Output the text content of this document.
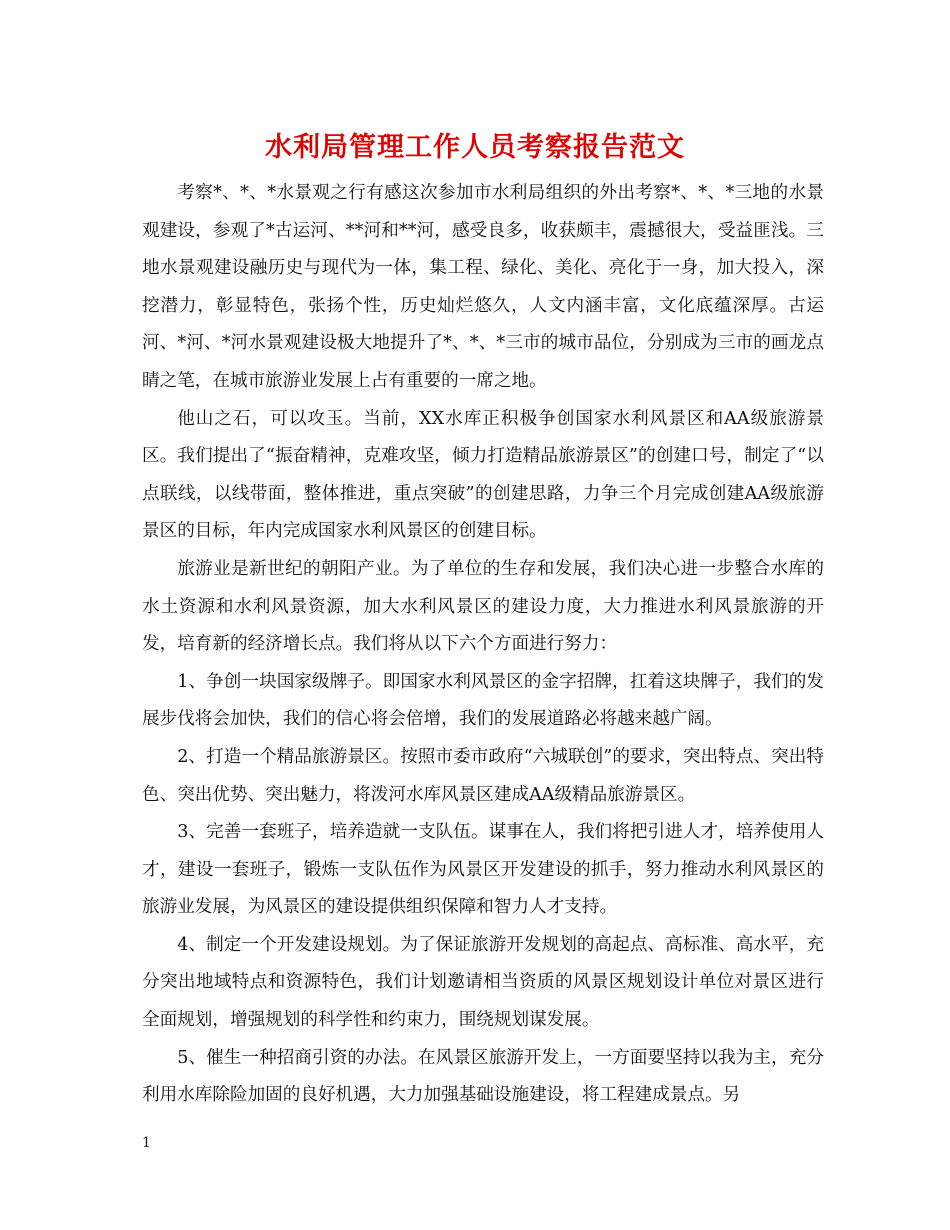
水利局管理工作人员考察报告范文

考察*、*、*水景观之行有感这次参加市水利局组织的外出考察*、*、*三地的水景观建设，参观了*古运河、**河和**河，感受良多，收获颇丰，震撼很大，受益匪浅。三地水景观建设融历史与现代为一体，集工程、绿化、美化、亮化于一身，加大投入，深挖潜力，彰显特色，张扬个性，历史灿烂悠久，人文内涵丰富，文化底蕴深厚。古运河、*河、*河水景观建设极大地提升了*、*、*三市的城市品位，分别成为三市的画龙点睛之笔，在城市旅游业发展上占有重要的一席之地。

他山之石，可以攻玉。当前，XX水库正积极争创国家水利风景区和AA级旅游景区。我们提出了“振奋精神，克难攻坚，倾力打造精品旅游景区”的创建口号，制定了“以点联线，以线带面，整体推进，重点突破”的创建思路，力争三个月完成创建AA级旅游景区的目标，年内完成国家水利风景区的创建目标。

旅游业是新世纪的朝阳产业。为了单位的生存和发展，我们决心进一步整合水库的水土资源和水利风景资源，加大水利风景区的建设力度，大力推进水利风景旅游的开发，培育新的经济增长点。我们将从以下六个方面进行努力：

1、争创一块国家级牌子。即国家水利风景区的金字招牌，扛着这块牌子，我们的发展步伐将会加快，我们的信心将会倍增，我们的发展道路必将越来越广阔。

2、打造一个精品旅游景区。按照市委市政府“六城联创”的要求，突出特点、突出特色、突出优势、突出魅力，将泼河水库风景区建成AA级精品旅游景区。

3、完善一套班子，培养造就一支队伍。谋事在人，我们将把引进人才，培养使用人才，建设一套班子，锻炼一支队伍作为风景区开发建设的抓手，努力推动水利风景区的旅游业发展，为风景区的建设提供组织保障和智力人才支持。

4、制定一个开发建设规划。为了保证旅游开发规划的高起点、高标准、高水平，充分突出地域特点和资源特色，我们计划邀请相当资质的风景区规划设计单位对景区进行全面规划，增强规划的科学性和约束力，围绕规划谋发展。

5、催生一种招商引资的办法。在风景区旅游开发上，一方面要坚持以我为主，充分利用水库除险加固的良好机遇，大力加强基础设施建设，将工程建成景点。另

1
